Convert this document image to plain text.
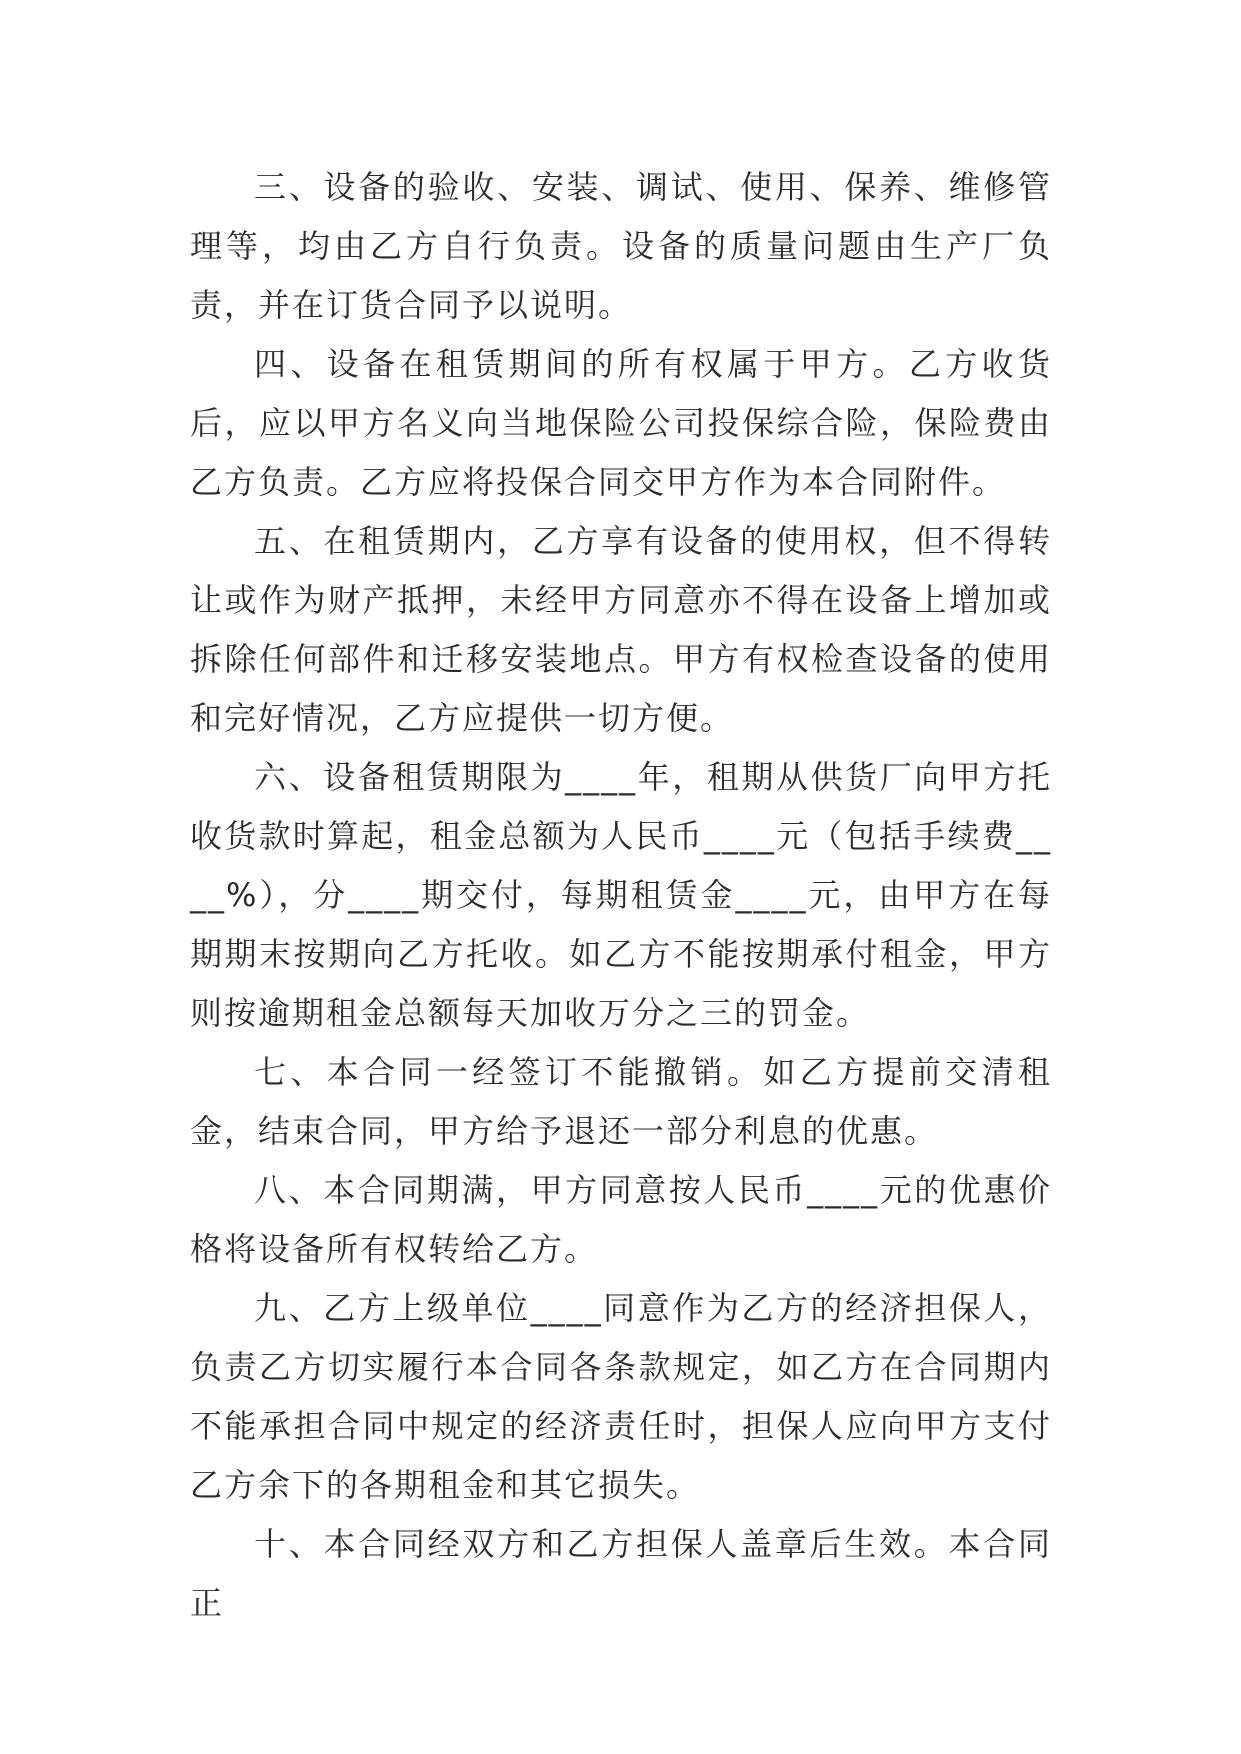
三、设备的验收、安装、调试、使用、保养、维修管理等，均由乙方自行负责。设备的质量问题由生产厂负责，并在订货合同予以说明。

四、设备在租赁期间的所有权属于甲方。乙方收货后，应以甲方名义向当地保险公司投保综合险，保险费由乙方负责。乙方应将投保合同交甲方作为本合同附件。

五、在租赁期内，乙方享有设备的使用权，但不得转让或作为财产抵押，未经甲方同意亦不得在设备上增加或拆除任何部件和迁移安装地点。甲方有权检查设备的使用和完好情况，乙方应提供一切方便。

六、设备租赁期限为____年，租期从供货厂向甲方托收货款时算起，租金总额为人民币____元（包括手续费____%），分____期交付，每期租赁金____元，由甲方在每期期末按期向乙方托收。如乙方不能按期承付租金，甲方则按逾期租金总额每天加收万分之三的罚金。

七、本合同一经签订不能撤销。如乙方提前交清租金，结束合同，甲方给予退还一部分利息的优惠。

八、本合同期满，甲方同意按人民币____元的优惠价格将设备所有权转给乙方。

九、乙方上级单位____同意作为乙方的经济担保人，负责乙方切实履行本合同各条款规定，如乙方在合同期内不能承担合同中规定的经济责任时，担保人应向甲方支付乙方余下的各期租金和其它损失。

十、本合同经双方和乙方担保人盖章后生效。本合同正
